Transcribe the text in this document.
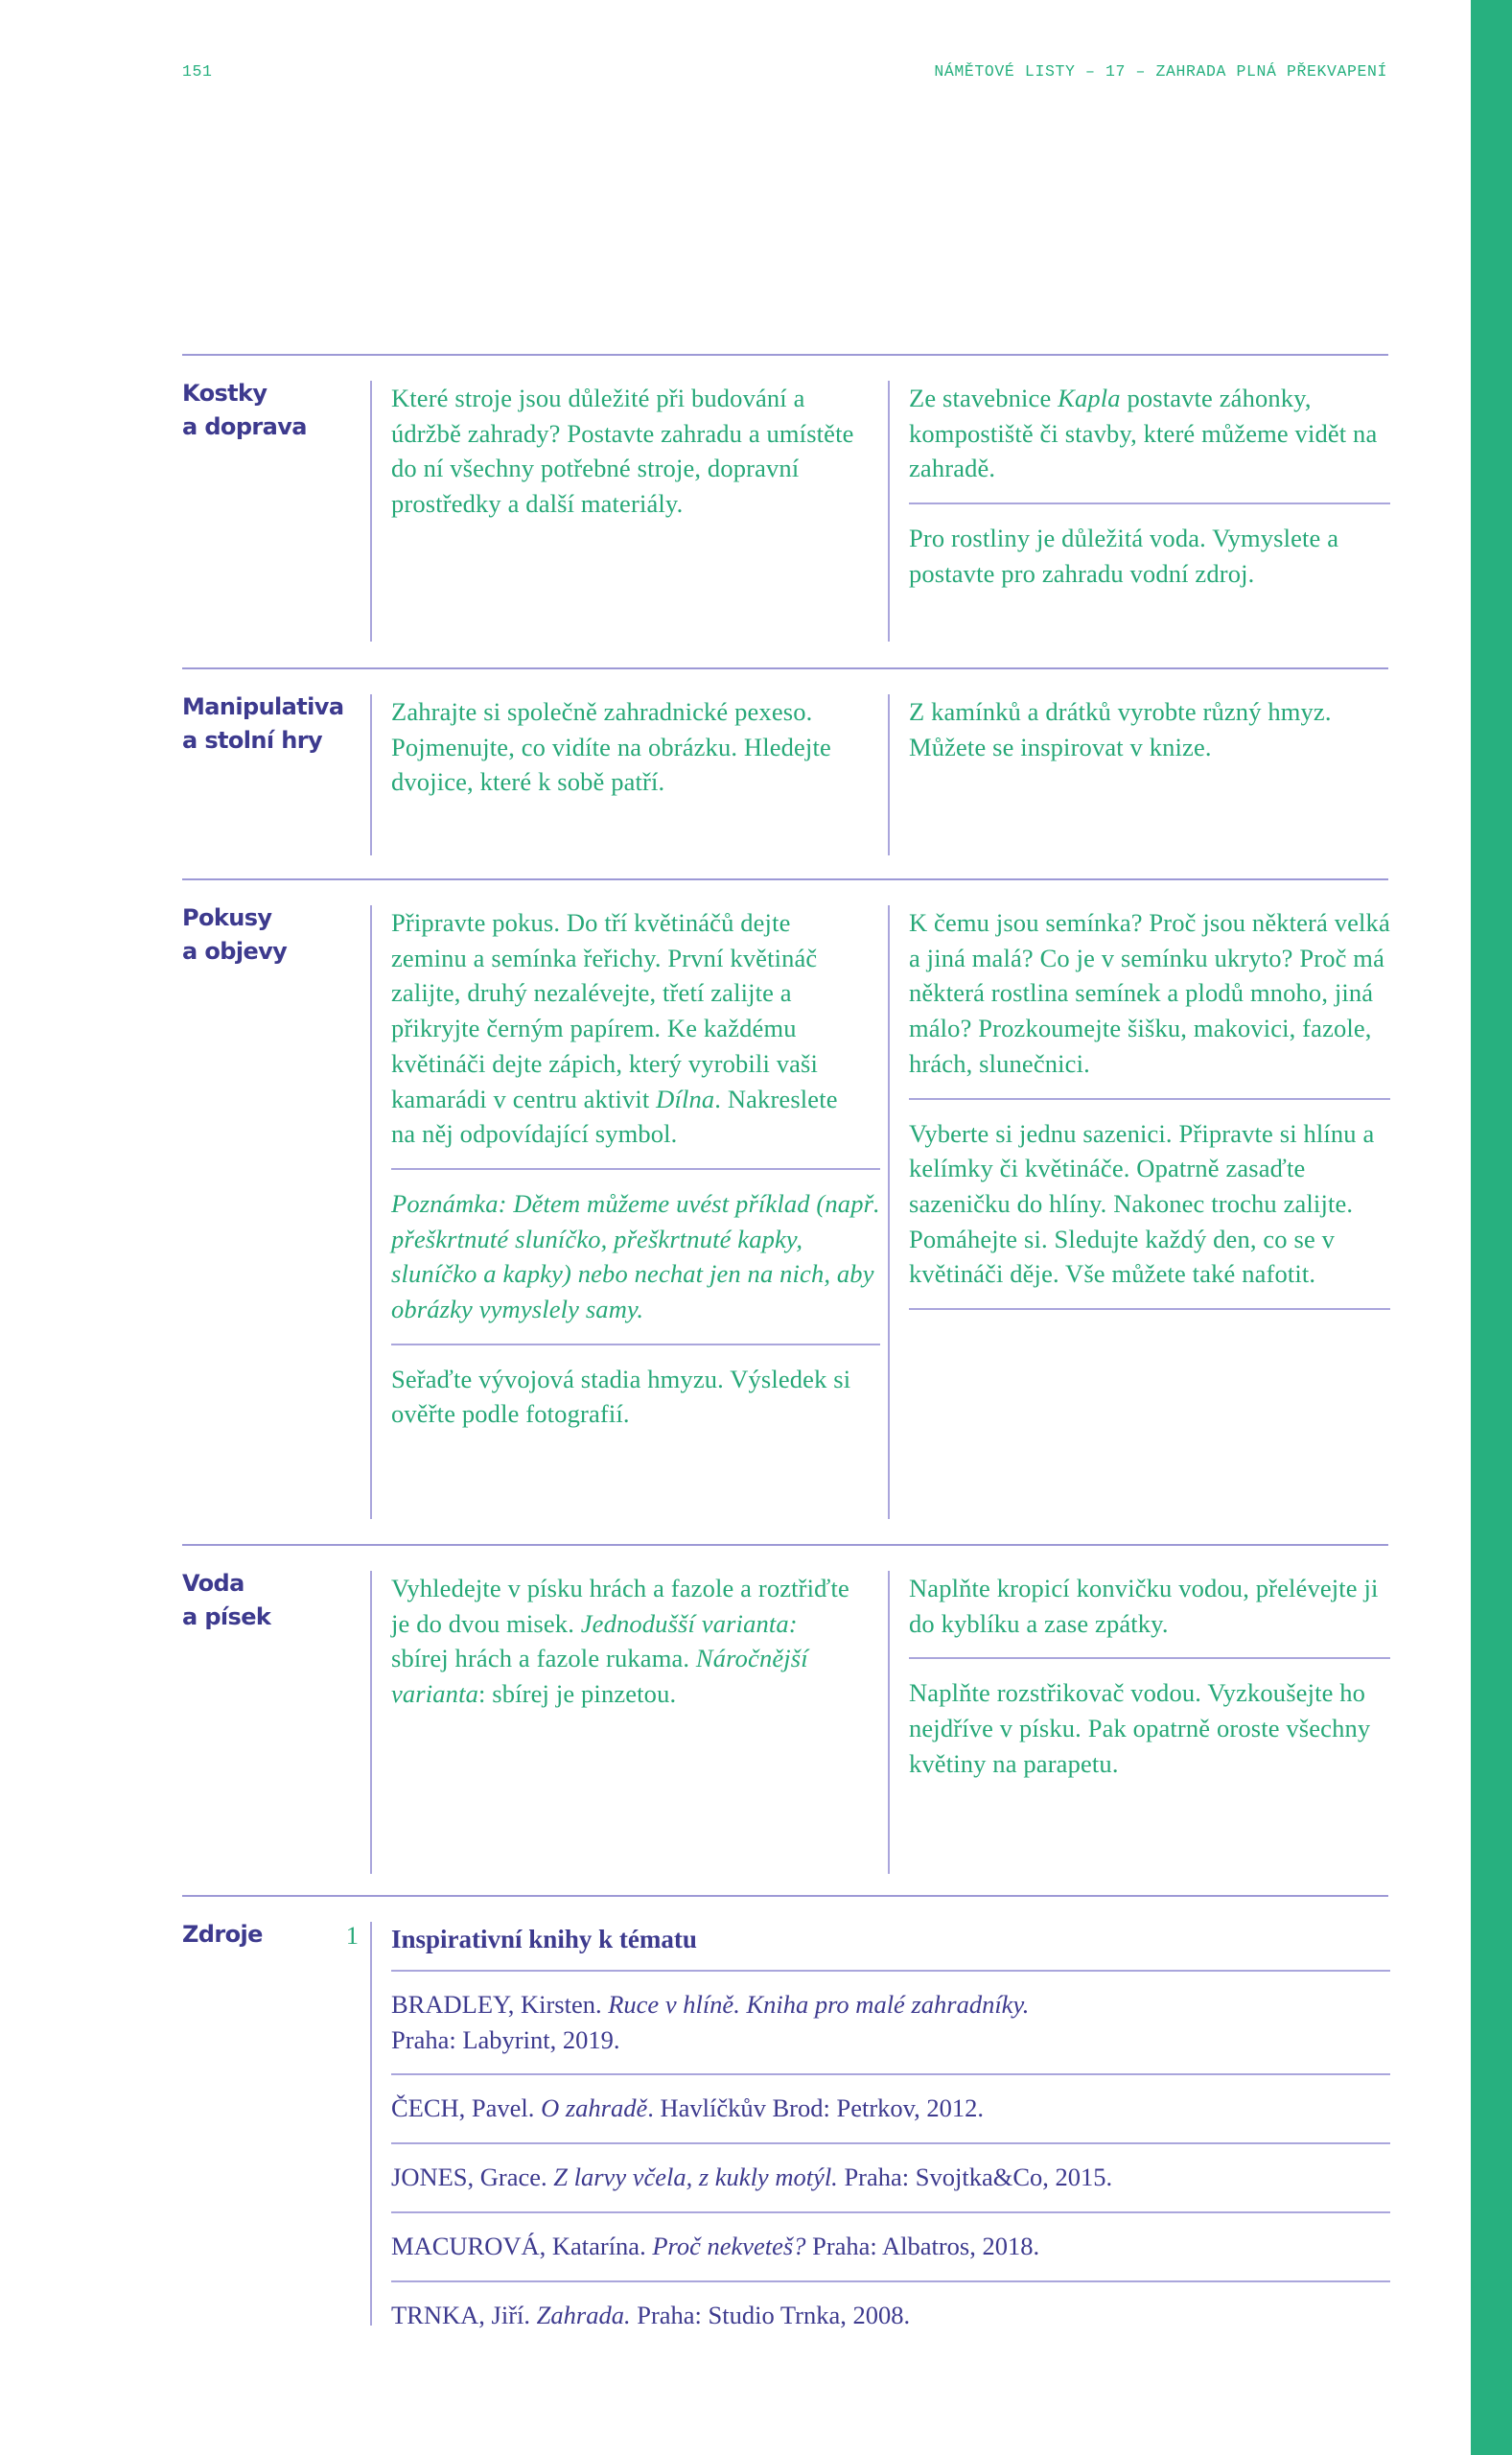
151	NÁMĚTOVÉ LISTY – 17 – ZAHRADA PLNÁ PŘEKVAPENÍ
Kostky
a doprava
Které stroje jsou důležité při budování a údržbě zahrady? Postavte zahradu a umístěte do ní všechny potřebné stroje, dopravní prostředky a další materiály.
Ze stavebnice Kapla postavte záhonky, kompostiště či stavby, které můžeme vidět na zahradě.
Pro rostliny je důležitá voda. Vymyslete a postavte pro zahradu vodní zdroj.
Manipulativa
a stolní hry
Zahrajte si společně zahradnické pexeso. Pojmenujte, co vidíte na obrázku. Hledejte dvojice, které k sobě patří.
Z kamínků a drátků vyrobte různý hmyz. Můžete se inspirovat v knize.
Pokusy
a objevy
Připravte pokus. Do tří květináčů dejte zeminu a semínka řeřichy. První květináč zalijte, druhý nezalévejte, třetí zalijte a přikryjte černým papírem. Ke každému květináči dejte zápich, který vyrobili vaši kamarádi v centru aktivit Dílna. Nakreslete na něj odpovídající symbol.
Poznámka: Dětem můžeme uvést příklad (např. přeškrtnuté sluníčko, přeškrtnuté kapky, sluníčko a kapky) nebo nechat jen na nich, aby obrázky vymyslely samy.
Seřaďte vývojová stadia hmyzu. Výsledek si ověřte podle fotografií.
K čemu jsou semínka? Proč jsou některá velká a jiná malá? Co je v semínku ukryto? Proč má některá rostlina semínek a plodů mnoho, jiná málo? Prozkoumejte šišku, makovici, fazole, hrách, slunečnici.
Vyberte si jednu sazenici. Připravte si hlínu a kelímky či květináče. Opatrně zasaďte sazeničku do hlíny. Nakonec trochu zalijte. Pomáhejte si. Sledujte každý den, co se v květináči děje. Vše můžete také nafotit.
Voda
a písek
Vyhledejte v písku hrách a fazole a roztřiďte je do dvou misek. Jednodušší varianta: sbírej hrách a fazole rukama. Náročnější varianta: sbírej je pinzetou.
Naplňte kropicí konvičku vodou, přelévejte ji do kyblíku a zase zpátky.
Naplňte rozstřikovač vodou. Vyzkoušejte ho nejdříve v písku. Pak opatrně oroste všechny květiny na parapetu.
Zdroje	1 Inspirativní knihy k tématu
BRADLEY, Kirsten. Ruce v hlíně. Kniha pro malé zahradníky.
Praha: Labyrint, 2019.
ČECH, Pavel. O zahradě. Havlíčkův Brod: Petrkov, 2012.
JONES, Grace. Z larvy včela, z kukly motýl. Praha: Svojtka&Co, 2015.
MACUROVÁ, Katarína. Proč nekveteš? Praha: Albatros, 2018.
TRNKA, Jiří. Zahrada. Praha: Studio Trnka, 2008.
